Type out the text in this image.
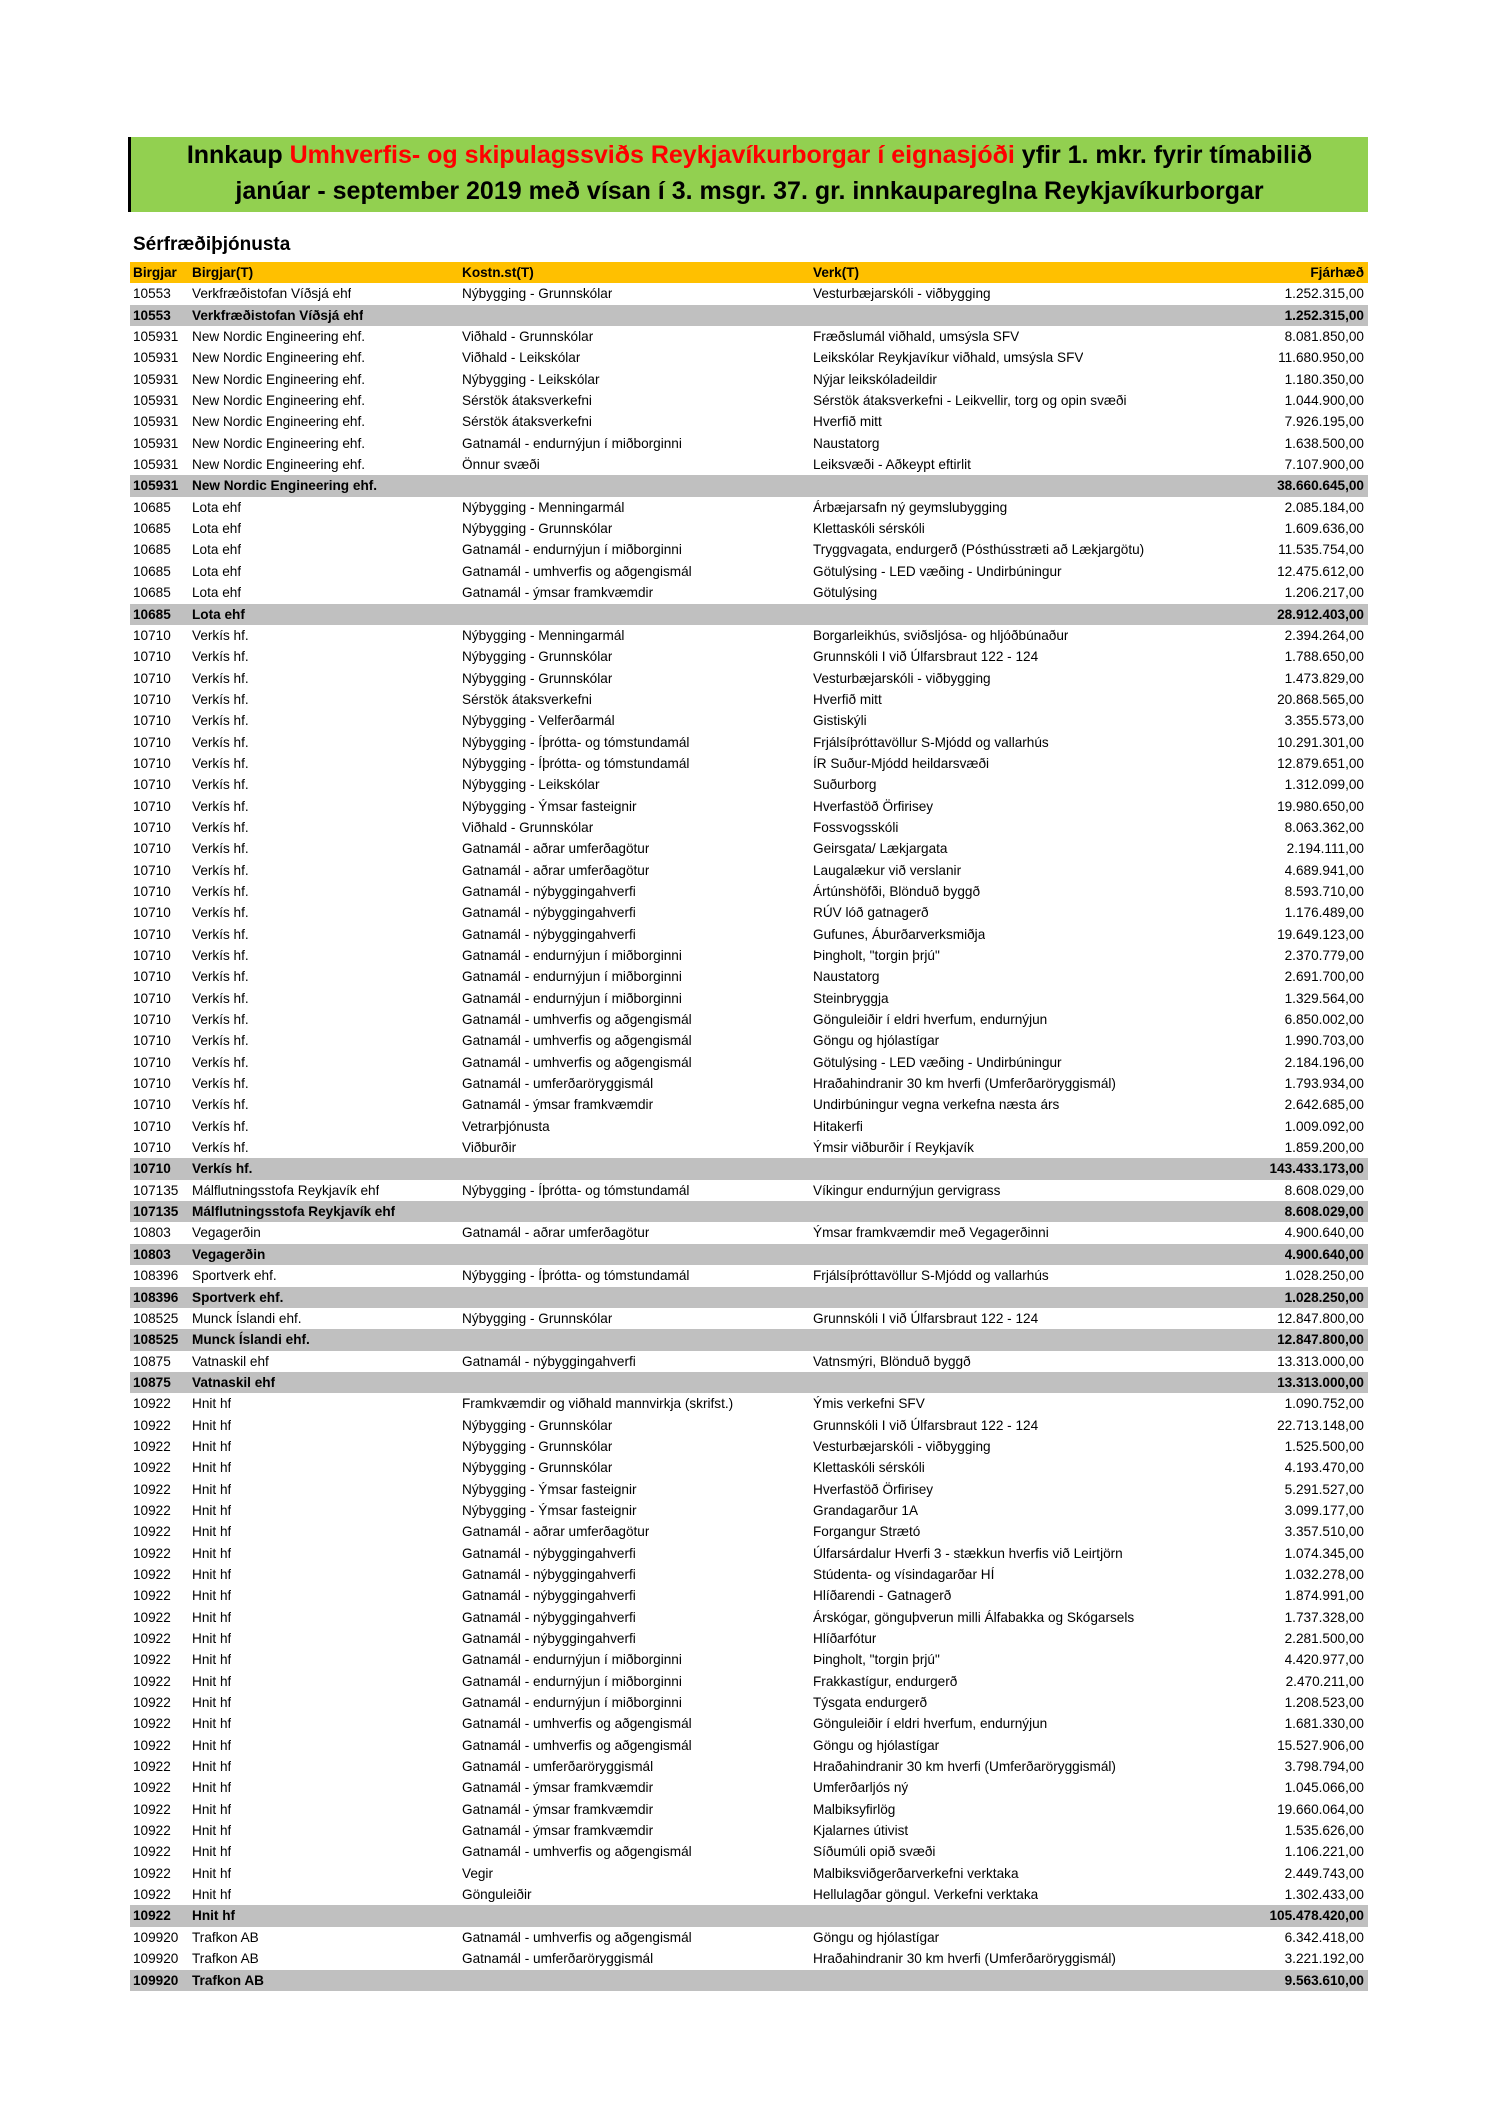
Innkaup Umhverfis- og skipulagssviðs Reykjavíkurborgar í eignasjóði yfir 1. mkr. fyrir tímabilið
janúar - september 2019 með vísan í 3. msgr. 37. gr. innkaupareglna Reykjavíkurborgar
Sérfræðiþjónusta
Birgjar Birgjar(T)	Kostn.st(T)	Verk(T)	Fjárhæð
10553 Verkfræðistofan Víðsjá ehf	Nýbygging - Grunnskólar	Vesturbæjarskóli - viðbygging	1.252.315,00
10553 Verkfræðistofan Víðsjá ehf	1.252.315,00
105931 New Nordic Engineering ehf.	Viðhald - Grunnskólar	Fræðslumál viðhald, umsýsla SFV	8.081.850,00
105931 New Nordic Engineering ehf.	Viðhald - Leikskólar	Leikskólar Reykjavíkur viðhald, umsýsla SFV	11.680.950,00
105931 New Nordic Engineering ehf.	Nýbygging - Leikskólar	Nýjar leikskóladeildir	1.180.350,00
105931 New Nordic Engineering ehf.	Sérstök átaksverkefni	Sérstök átaksverkefni - Leikvellir, torg og opin svæði	1.044.900,00
105931 New Nordic Engineering ehf.	Sérstök átaksverkefni	Hverfið mitt	7.926.195,00
105931 New Nordic Engineering ehf.	Gatnamál - endurnýjun í miðborginni	Naustatorg	1.638.500,00
105931 New Nordic Engineering ehf.	Önnur svæði	Leiksvæði - Aðkeypt eftirlit	7.107.900,00
105931 New Nordic Engineering ehf.	38.660.645,00
10685 Lota ehf	Nýbygging - Menningarmál	Árbæjarsafn ný geymslubygging	2.085.184,00
10685 Lota ehf	Nýbygging - Grunnskólar	Klettaskóli sérskóli	1.609.636,00
10685 Lota ehf	Gatnamál - endurnýjun í miðborginni	Tryggvagata, endurgerð (Pósthússtræti að Lækjargötu)	11.535.754,00
10685 Lota ehf	Gatnamál - umhverfis og aðgengismál	Götulýsing - LED væðing - Undirbúningur	12.475.612,00
10685 Lota ehf	Gatnamál - ýmsar framkvæmdir	Götulýsing	1.206.217,00
10685 Lota ehf	28.912.403,00
10710 Verkís hf.	Nýbygging - Menningarmál	Borgarleikhús, sviðsljósa- og hljóðbúnaður	2.394.264,00
10710 Verkís hf.	Nýbygging - Grunnskólar	Grunnskóli I við Úlfarsbraut 122 - 124	1.788.650,00
10710 Verkís hf.	Nýbygging - Grunnskólar	Vesturbæjarskóli - viðbygging	1.473.829,00
10710 Verkís hf.	Sérstök átaksverkefni	Hverfið mitt	20.868.565,00
10710 Verkís hf.	Nýbygging - Velferðarmál	Gistiskýli	3.355.573,00
10710 Verkís hf.	Nýbygging - Íþrótta- og tómstundamál	Frjálsíþróttavöllur S-Mjódd og vallarhús	10.291.301,00
10710 Verkís hf.	Nýbygging - Íþrótta- og tómstundamál	ÍR Suður-Mjódd heildarsvæði	12.879.651,00
10710 Verkís hf.	Nýbygging - Leikskólar	Suðurborg	1.312.099,00
10710 Verkís hf.	Nýbygging - Ýmsar fasteignir	Hverfastöð Örfirisey	19.980.650,00
10710 Verkís hf.	Viðhald - Grunnskólar	Fossvogsskóli	8.063.362,00
10710 Verkís hf.	Gatnamál - aðrar umferðagötur	Geirsgata/ Lækjargata	2.194.111,00
10710 Verkís hf.	Gatnamál - aðrar umferðagötur	Laugalækur við verslanir	4.689.941,00
10710 Verkís hf.	Gatnamál - nýbyggingahverfi	Ártúnshöfði, Blönduð byggð	8.593.710,00
10710 Verkís hf.	Gatnamál - nýbyggingahverfi	RÚV lóð gatnagerð	1.176.489,00
10710 Verkís hf.	Gatnamál - nýbyggingahverfi	Gufunes, Áburðarverksmiðja	19.649.123,00
10710 Verkís hf.	Gatnamál - endurnýjun í miðborginni	Þingholt, "torgin þrjú"	2.370.779,00
10710 Verkís hf.	Gatnamál - endurnýjun í miðborginni	Naustatorg	2.691.700,00
10710 Verkís hf.	Gatnamál - endurnýjun í miðborginni	Steinbryggja	1.329.564,00
10710 Verkís hf.	Gatnamál - umhverfis og aðgengismál	Gönguleiðir í eldri hverfum, endurnýjun	6.850.002,00
10710 Verkís hf.	Gatnamál - umhverfis og aðgengismál	Göngu og hjólastígar	1.990.703,00
10710 Verkís hf.	Gatnamál - umhverfis og aðgengismál	Götulýsing - LED væðing - Undirbúningur	2.184.196,00
10710 Verkís hf.	Gatnamál - umferðaröryggismál	Hraðahindranir 30 km hverfi (Umferðaröryggismál)	1.793.934,00
10710 Verkís hf.	Gatnamál - ýmsar framkvæmdir	Undirbúningur vegna verkefna næsta árs	2.642.685,00
10710 Verkís hf.	Vetrarþjónusta	Hitakerfi	1.009.092,00
10710 Verkís hf.	Viðburðir	Ýmsir viðburðir í Reykjavík	1.859.200,00
10710 Verkís hf.	143.433.173,00
107135 Málflutningsstofa Reykjavík ehf	Nýbygging - Íþrótta- og tómstundamál	Víkingur endurnýjun gervigrass	8.608.029,00
107135 Málflutningsstofa Reykjavík ehf	8.608.029,00
10803 Vegagerðin	Gatnamál - aðrar umferðagötur	Ýmsar framkvæmdir með Vegagerðinni	4.900.640,00
10803 Vegagerðin	4.900.640,00
108396 Sportverk ehf.	Nýbygging - Íþrótta- og tómstundamál	Frjálsíþróttavöllur S-Mjódd og vallarhús	1.028.250,00
108396 Sportverk ehf.	1.028.250,00
108525 Munck Íslandi ehf.	Nýbygging - Grunnskólar	Grunnskóli I við Úlfarsbraut 122 - 124	12.847.800,00
108525 Munck Íslandi ehf.	12.847.800,00
10875 Vatnaskil ehf	Gatnamál - nýbyggingahverfi	Vatnsmýri, Blönduð byggð	13.313.000,00
10875 Vatnaskil ehf	13.313.000,00
10922 Hnit hf	Framkvæmdir og viðhald mannvirkja (skrifst.)	Ýmis verkefni SFV	1.090.752,00
10922 Hnit hf	Nýbygging - Grunnskólar	Grunnskóli I við Úlfarsbraut 122 - 124	22.713.148,00
10922 Hnit hf	Nýbygging - Grunnskólar	Vesturbæjarskóli - viðbygging	1.525.500,00
10922 Hnit hf	Nýbygging - Grunnskólar	Klettaskóli sérskóli	4.193.470,00
10922 Hnit hf	Nýbygging - Ýmsar fasteignir	Hverfastöð Örfirisey	5.291.527,00
10922 Hnit hf	Nýbygging - Ýmsar fasteignir	Grandagarður 1A	3.099.177,00
10922 Hnit hf	Gatnamál - aðrar umferðagötur	Forgangur Strætó	3.357.510,00
10922 Hnit hf	Gatnamál - nýbyggingahverfi	Úlfarsárdalur Hverfi 3 - stækkun hverfis við Leirtjörn	1.074.345,00
10922 Hnit hf	Gatnamál - nýbyggingahverfi	Stúdenta- og vísindagarðar HÍ	1.032.278,00
10922 Hnit hf	Gatnamál - nýbyggingahverfi	Hlíðarendi - Gatnagerð	1.874.991,00
10922 Hnit hf	Gatnamál - nýbyggingahverfi	Árskógar, gönguþverun milli Álfabakka og Skógarsels	1.737.328,00
10922 Hnit hf	Gatnamál - nýbyggingahverfi	Hlíðarfótur	2.281.500,00
10922 Hnit hf	Gatnamál - endurnýjun í miðborginni	Þingholt, "torgin þrjú"	4.420.977,00
10922 Hnit hf	Gatnamál - endurnýjun í miðborginni	Frakkastígur, endurgerð	2.470.211,00
10922 Hnit hf	Gatnamál - endurnýjun í miðborginni	Týsgata endurgerð	1.208.523,00
10922 Hnit hf	Gatnamál - umhverfis og aðgengismál	Gönguleiðir í eldri hverfum, endurnýjun	1.681.330,00
10922 Hnit hf	Gatnamál - umhverfis og aðgengismál	Göngu og hjólastígar	15.527.906,00
10922 Hnit hf	Gatnamál - umferðaröryggismál	Hraðahindranir 30 km hverfi (Umferðaröryggismál)	3.798.794,00
10922 Hnit hf	Gatnamál - ýmsar framkvæmdir	Umferðarljós ný	1.045.066,00
10922 Hnit hf	Gatnamál - ýmsar framkvæmdir	Malbiksyfirlög	19.660.064,00
10922 Hnit hf	Gatnamál - ýmsar framkvæmdir	Kjalarnes útivist	1.535.626,00
10922 Hnit hf	Gatnamál - umhverfis og aðgengismál	Síðumúli opið svæði	1.106.221,00
10922 Hnit hf	Vegir	Malbiksviðgerðarverkefni verktaka	2.449.743,00
10922 Hnit hf	Gönguleiðir	Hellulagðar göngul. Verkefni verktaka	1.302.433,00
10922 Hnit hf	105.478.420,00
109920 Trafkon AB	Gatnamál - umhverfis og aðgengismál	Göngu og hjólastígar	6.342.418,00
109920 Trafkon AB	Gatnamál - umferðaröryggismál	Hraðahindranir 30 km hverfi (Umferðaröryggismál)	3.221.192,00
109920 Trafkon AB	9.563.610,00
